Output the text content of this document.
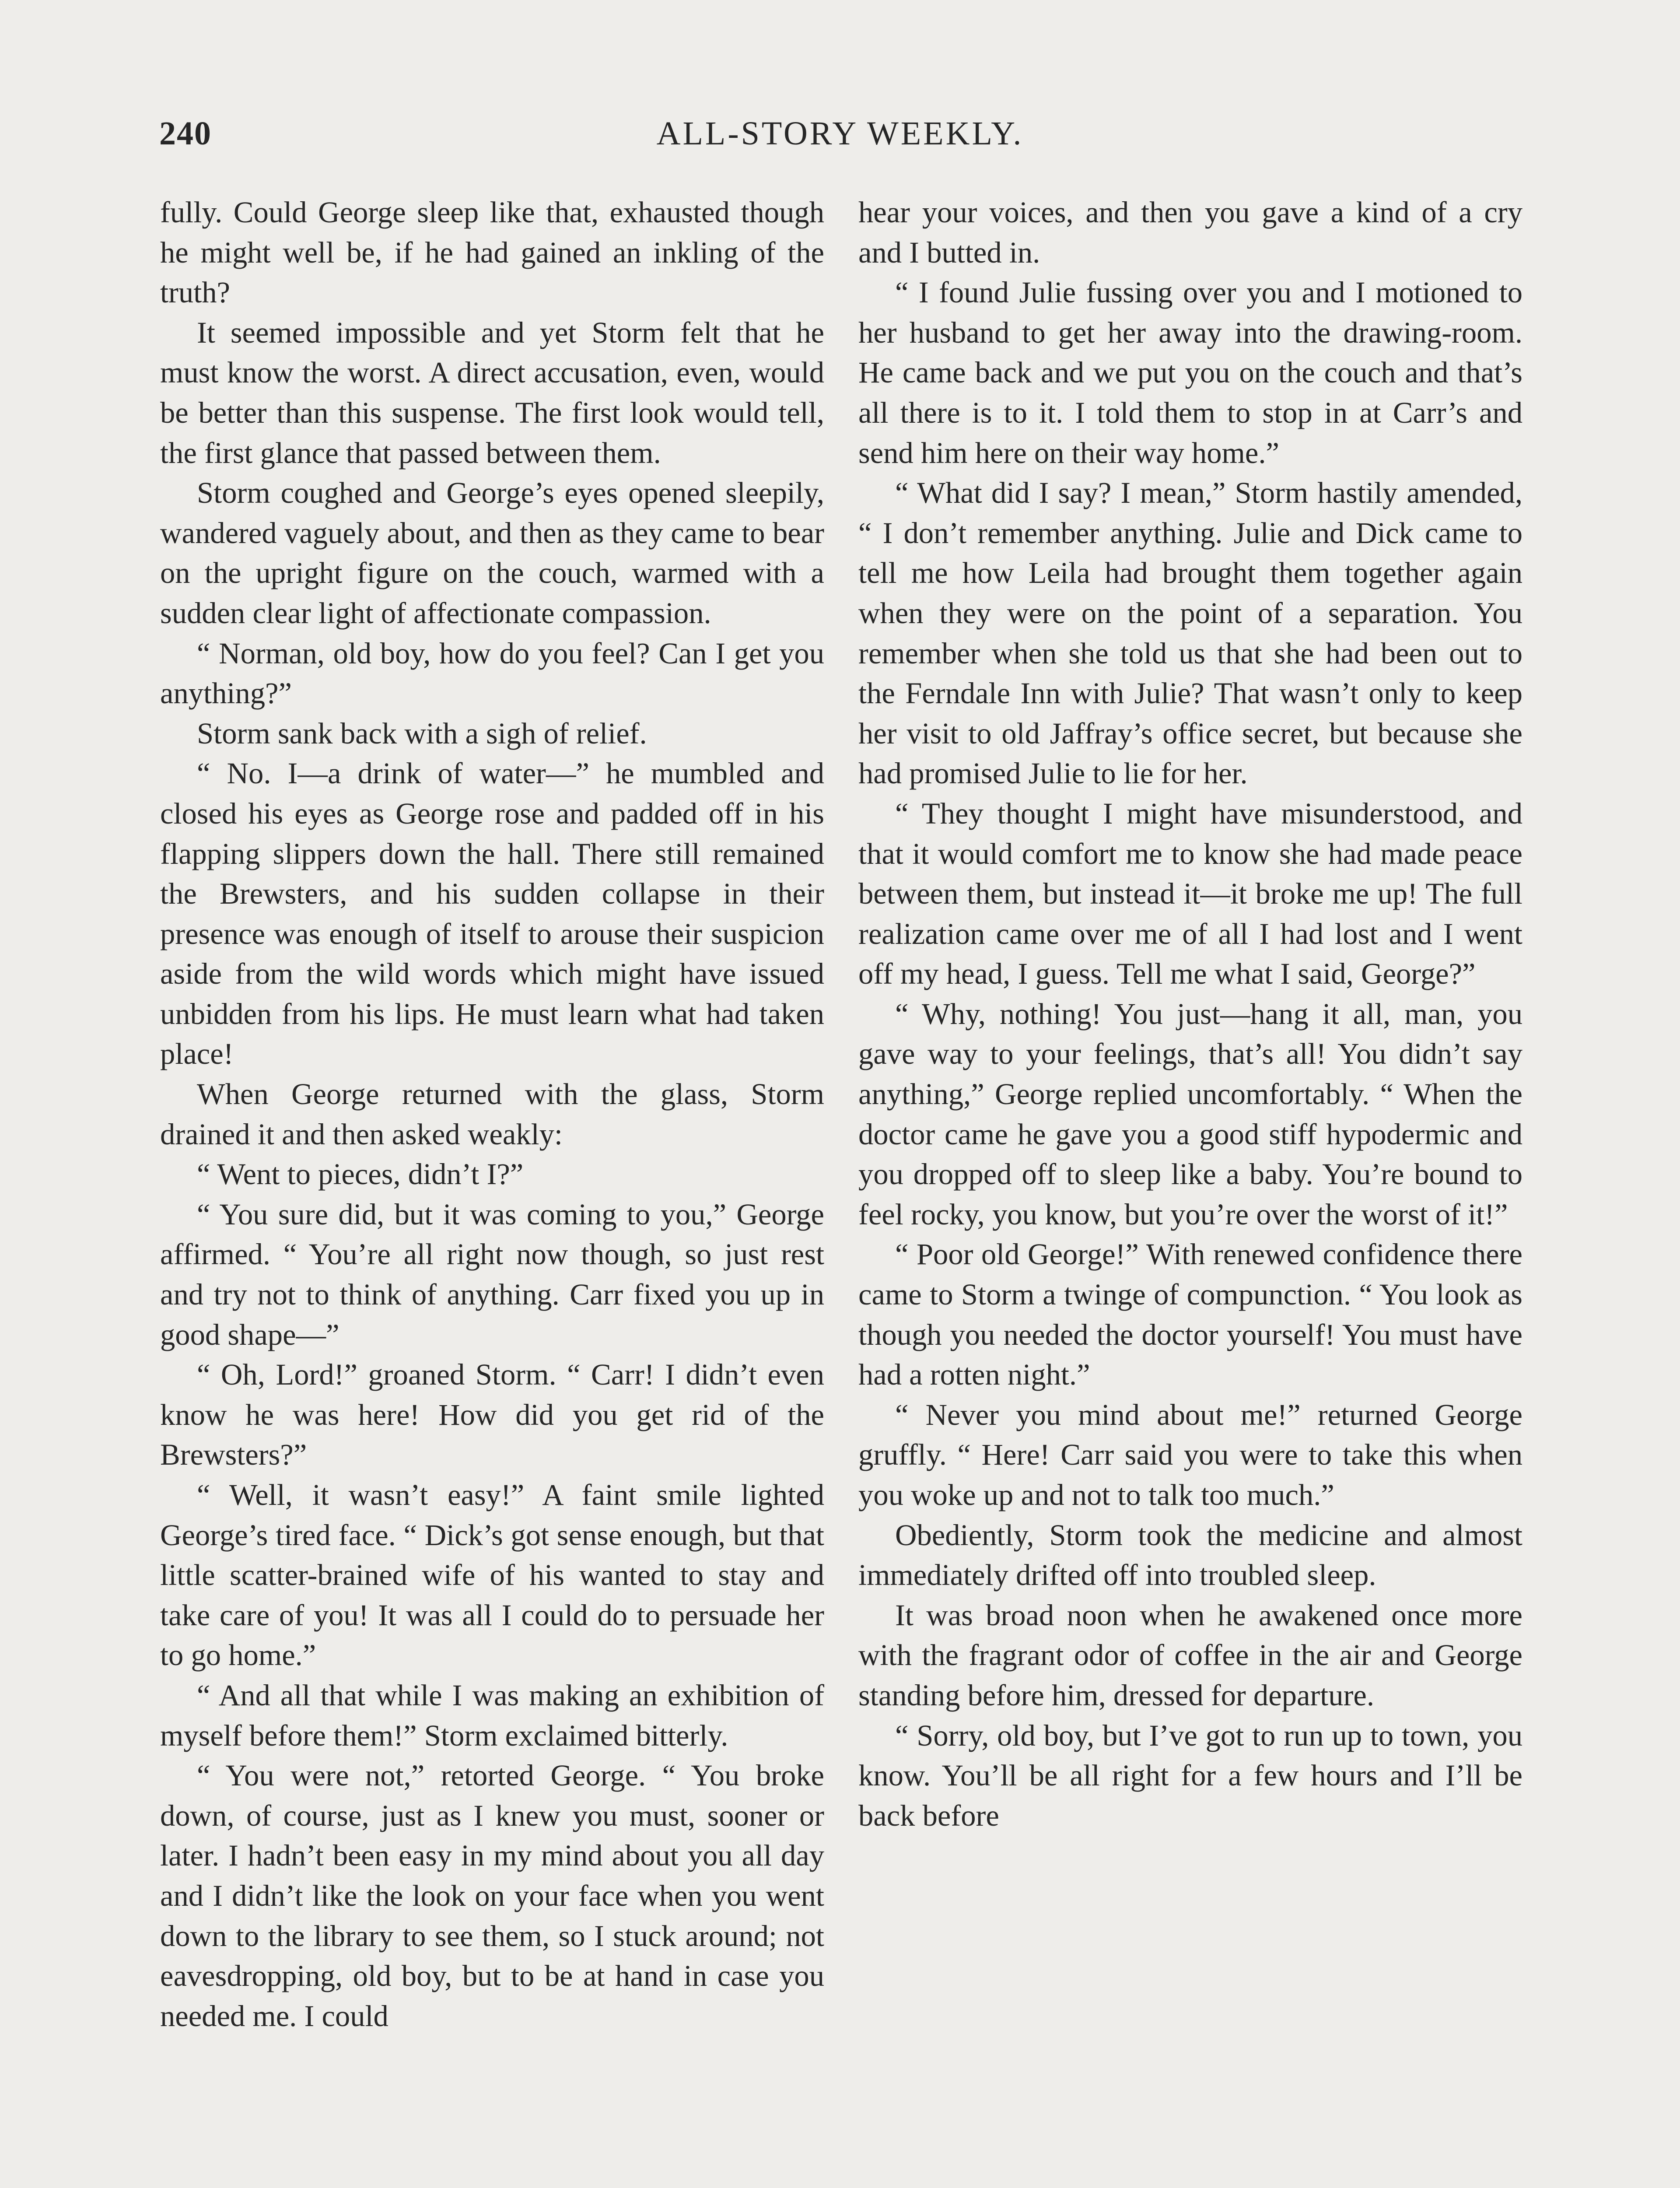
240	ALL-STORY WEEKLY.

fully. Could George sleep like that, exhausted though he might well be, if he had gained an inkling of the truth?

It seemed impossible and yet Storm felt that he must know the worst. A direct accusation, even, would be better than this suspense. The first look would tell, the first glance that passed between them.

Storm coughed and George’s eyes opened sleepily, wandered vaguely about, and then as they came to bear on the upright figure on the couch, warmed with a sudden clear light of affectionate compassion.

“ Norman, old boy, how do you feel? Can I get you anything?”

Storm sank back with a sigh of relief.

“ No. I—a drink of water—” he mumbled and closed his eyes as George rose and padded off in his flapping slippers down the hall. There still remained the Brewsters, and his sudden collapse in their presence was enough of itself to arouse their suspicion aside from the wild words which might have issued unbidden from his lips. He must learn what had taken place!

When George returned with the glass, Storm drained it and then asked weakly:

“ Went to pieces, didn’t I?”

“ You sure did, but it was coming to you,” George affirmed. “ You’re all right now though, so just rest and try not to think of anything. Carr fixed you up in good shape—”

“ Oh, Lord!” groaned Storm. “ Carr! I didn’t even know he was here! How did you get rid of the Brewsters?”

“ Well, it wasn’t easy!” A faint smile lighted George’s tired face. “ Dick’s got sense enough, but that little scatter-brained wife of his wanted to stay and take care of you! It was all I could do to persuade her to go home.”

“ And all that while I was making an exhibition of myself before them!” Storm exclaimed bitterly.

“ You were not,” retorted George. “ You broke down, of course, just as I knew you must, sooner or later. I hadn’t been easy in my mind about you all day and I didn’t like the look on your face when you went down to the library to see them, so I stuck around; not eavesdropping, old boy, but to be at hand in case you needed me. I could

hear your voices, and then you gave a kind of a cry and I butted in.

“ I found Julie fussing over you and I motioned to her husband to get her away into the drawing-room. He came back and we put you on the couch and that’s all there is to it. I told them to stop in at Carr’s and send him here on their way home.”

“ What did I say? I mean,” Storm hastily amended, “ I don’t remember anything. Julie and Dick came to tell me how Leila had brought them together again when they were on the point of a separation. You remember when she told us that she had been out to the Ferndale Inn with Julie? That wasn’t only to keep her visit to old Jaffray’s office secret, but because she had promised Julie to lie for her.

“ They thought I might have misunderstood, and that it would comfort me to know she had made peace between them, but instead it—it broke me up! The full realization came over me of all I had lost and I went off my head, I guess. Tell me what I said, George?”

“ Why, nothing! You just—hang it all, man, you gave way to your feelings, that’s all! You didn’t say anything,” George replied uncomfortably. “ When the doctor came he gave you a good stiff hypodermic and you dropped off to sleep like a baby. You’re bound to feel rocky, you know, but you’re over the worst of it!”

“ Poor old George!” With renewed confidence there came to Storm a twinge of compunction. “ You look as though you needed the doctor yourself! You must have had a rotten night.”

“ Never you mind about me!” returned George gruffly. “ Here! Carr said you were to take this when you woke up and not to talk too much.”

Obediently, Storm took the medicine and almost immediately drifted off into troubled sleep.

It was broad noon when he awakened once more with the fragrant odor of coffee in the air and George standing before him, dressed for departure.

“ Sorry, old boy, but I’ve got to run up to town, you know. You’ll be all right for a few hours and I’ll be back before
